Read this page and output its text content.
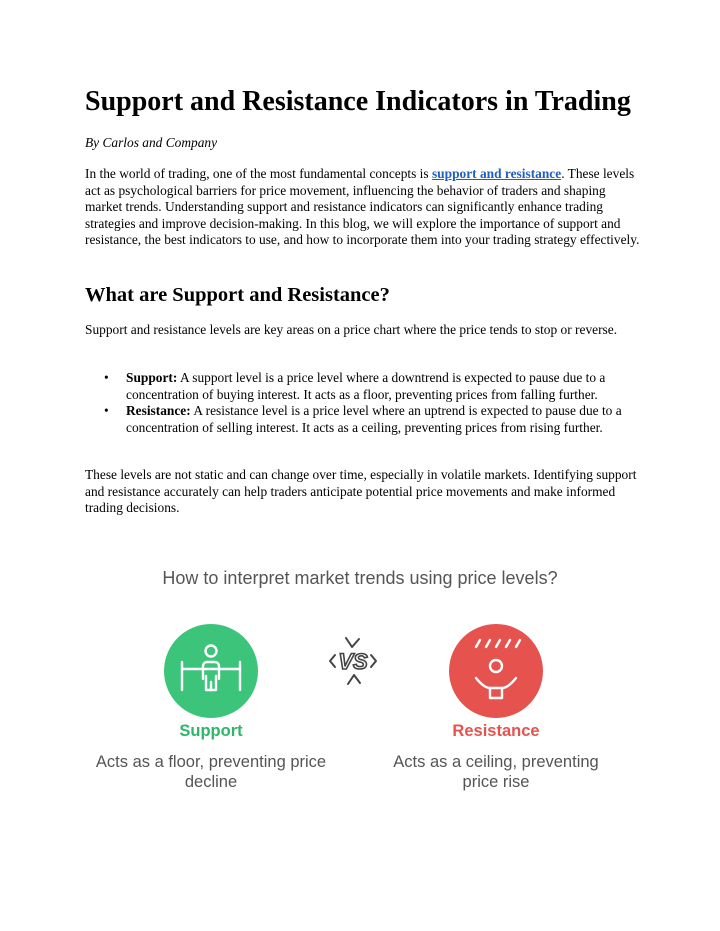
Support and Resistance Indicators in Trading
By Carlos and Company

In the world of trading, one of the most fundamental concepts is support and resistance. These levels act as psychological barriers for price movement, influencing the behavior of traders and shaping market trends. Understanding support and resistance indicators can significantly enhance trading strategies and improve decision-making. In this blog, we will explore the importance of support and resistance, the best indicators to use, and how to incorporate them into your trading strategy effectively.

What are Support and Resistance?

Support and resistance levels are key areas on a price chart where the price tends to stop or reverse.

• Support: A support level is a price level where a downtrend is expected to pause due to a concentration of buying interest. It acts as a floor, preventing prices from falling further.
• Resistance: A resistance level is a price level where an uptrend is expected to pause due to a concentration of selling interest. It acts as a ceiling, preventing prices from rising further.

These levels are not static and can change over time, especially in volatile markets. Identifying support and resistance accurately can help traders anticipate potential price movements and make informed trading decisions.

How to interpret market trends using price levels?
VS
Support	Resistance
Acts as a floor, preventing price decline
Acts as a ceiling, preventing price rise
